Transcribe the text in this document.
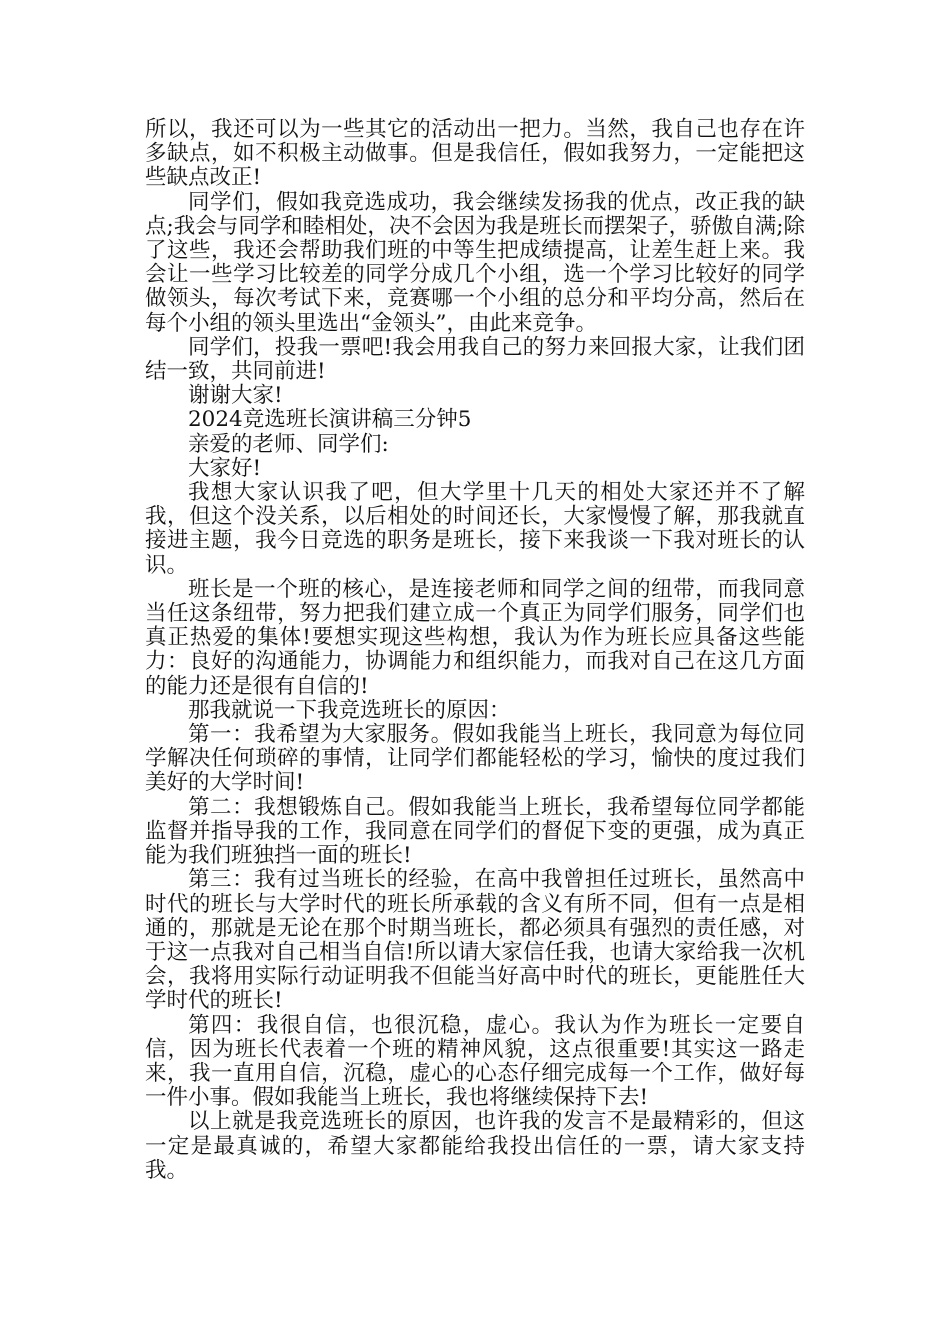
所以，我还可以为一些其它的活动出一把力。当然，我自己也存在许多缺点，如不积极主动做事。但是我信任，假如我努力，一定能把这些缺点改正!

同学们，假如我竞选成功，我会继续发扬我的优点，改正我的缺点;我会与同学和睦相处，决不会因为我是班长而摆架子，骄傲自满;除了这些，我还会帮助我们班的中等生把成绩提高，让差生赶上来。我会让一些学习比较差的同学分成几个小组，选一个学习比较好的同学做领头，每次考试下来，竞赛哪一个小组的总分和平均分高，然后在每个小组的领头里选出“金领头”，由此来竞争。

同学们，投我一票吧!我会用我自己的努力来回报大家，让我们团结一致，共同前进!

谢谢大家!

2024竞选班长演讲稿三分钟5

亲爱的老师、同学们:

大家好!

我想大家认识我了吧，但大学里十几天的相处大家还并不了解我，但这个没关系，以后相处的时间还长，大家慢慢了解，那我就直接进主题，我今日竞选的职务是班长，接下来我谈一下我对班长的认识。

班长是一个班的核心，是连接老师和同学之间的纽带，而我同意当任这条纽带，努力把我们建立成一个真正为同学们服务，同学们也真正热爱的集体!要想实现这些构想，我认为作为班长应具备这些能力：良好的沟通能力，协调能力和组织能力，而我对自己在这几方面的能力还是很有自信的!

那我就说一下我竞选班长的原因：

第一：我希望为大家服务。假如我能当上班长，我同意为每位同学解决任何琐碎的事情，让同学们都能轻松的学习，愉快的度过我们美好的大学时间!

第二：我想锻炼自己。假如我能当上班长，我希望每位同学都能监督并指导我的工作，我同意在同学们的督促下变的更强，成为真正能为我们班独挡一面的班长!

第三：我有过当班长的经验，在高中我曾担任过班长，虽然高中时代的班长与大学时代的班长所承载的含义有所不同，但有一点是相通的，那就是无论在那个时期当班长，都必须具有强烈的责任感，对于这一点我对自己相当自信!所以请大家信任我，也请大家给我一次机会，我将用实际行动证明我不但能当好高中时代的班长，更能胜任大学时代的班长!

第四：我很自信，也很沉稳，虚心。我认为作为班长一定要自信，因为班长代表着一个班的精神风貌，这点很重要!其实这一路走来，我一直用自信，沉稳，虚心的心态仔细完成每一个工作，做好每一件小事。假如我能当上班长，我也将继续保持下去!

以上就是我竞选班长的原因，也许我的发言不是最精彩的，但这一定是最真诚的，希望大家都能给我投出信任的一票，请大家支持我。
